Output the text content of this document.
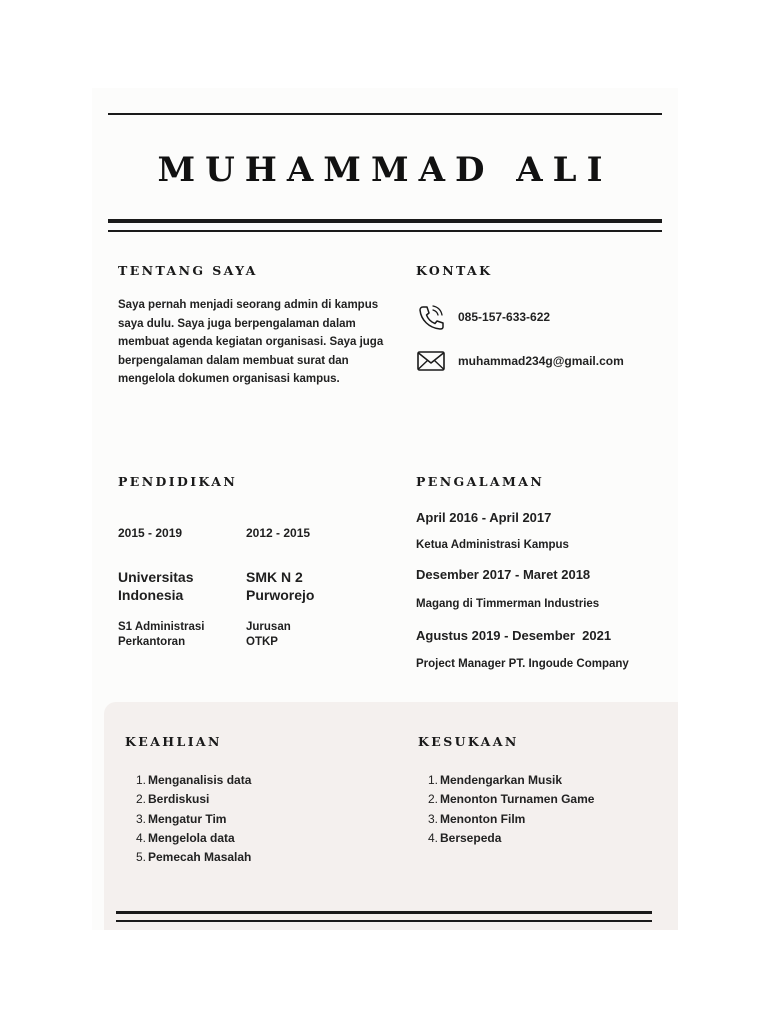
MUHAMMAD ALI
TENTANG SAYA
Saya pernah menjadi seorang admin di kampus saya dulu. Saya juga berpengalaman dalam membuat agenda kegiatan organisasi. Saya juga berpengalaman dalam membuat surat dan mengelola dokumen organisasi kampus.
KONTAK
085-157-633-622
muhammad234g@gmail.com
PENDIDIKAN
2015 - 2019
Universitas Indonesia
S1 Administrasi Perkantoran
2012 - 2015
SMK N 2 Purworejo
Jurusan OTKP
PENGALAMAN
April 2016 - April 2017
Ketua Administrasi Kampus
Desember 2017 - Maret 2018
Magang di Timmerman Industries
Agustus 2019 - Desember  2021
Project Manager PT. Ingoude Company
KEAHLIAN
Menganalisis data
Berdiskusi
Mengatur Tim
Mengelola data
Pemecah Masalah
KESUKAAN
Mendengarkan Musik
Menonton Turnamen Game
Menonton Film
Bersepeda
